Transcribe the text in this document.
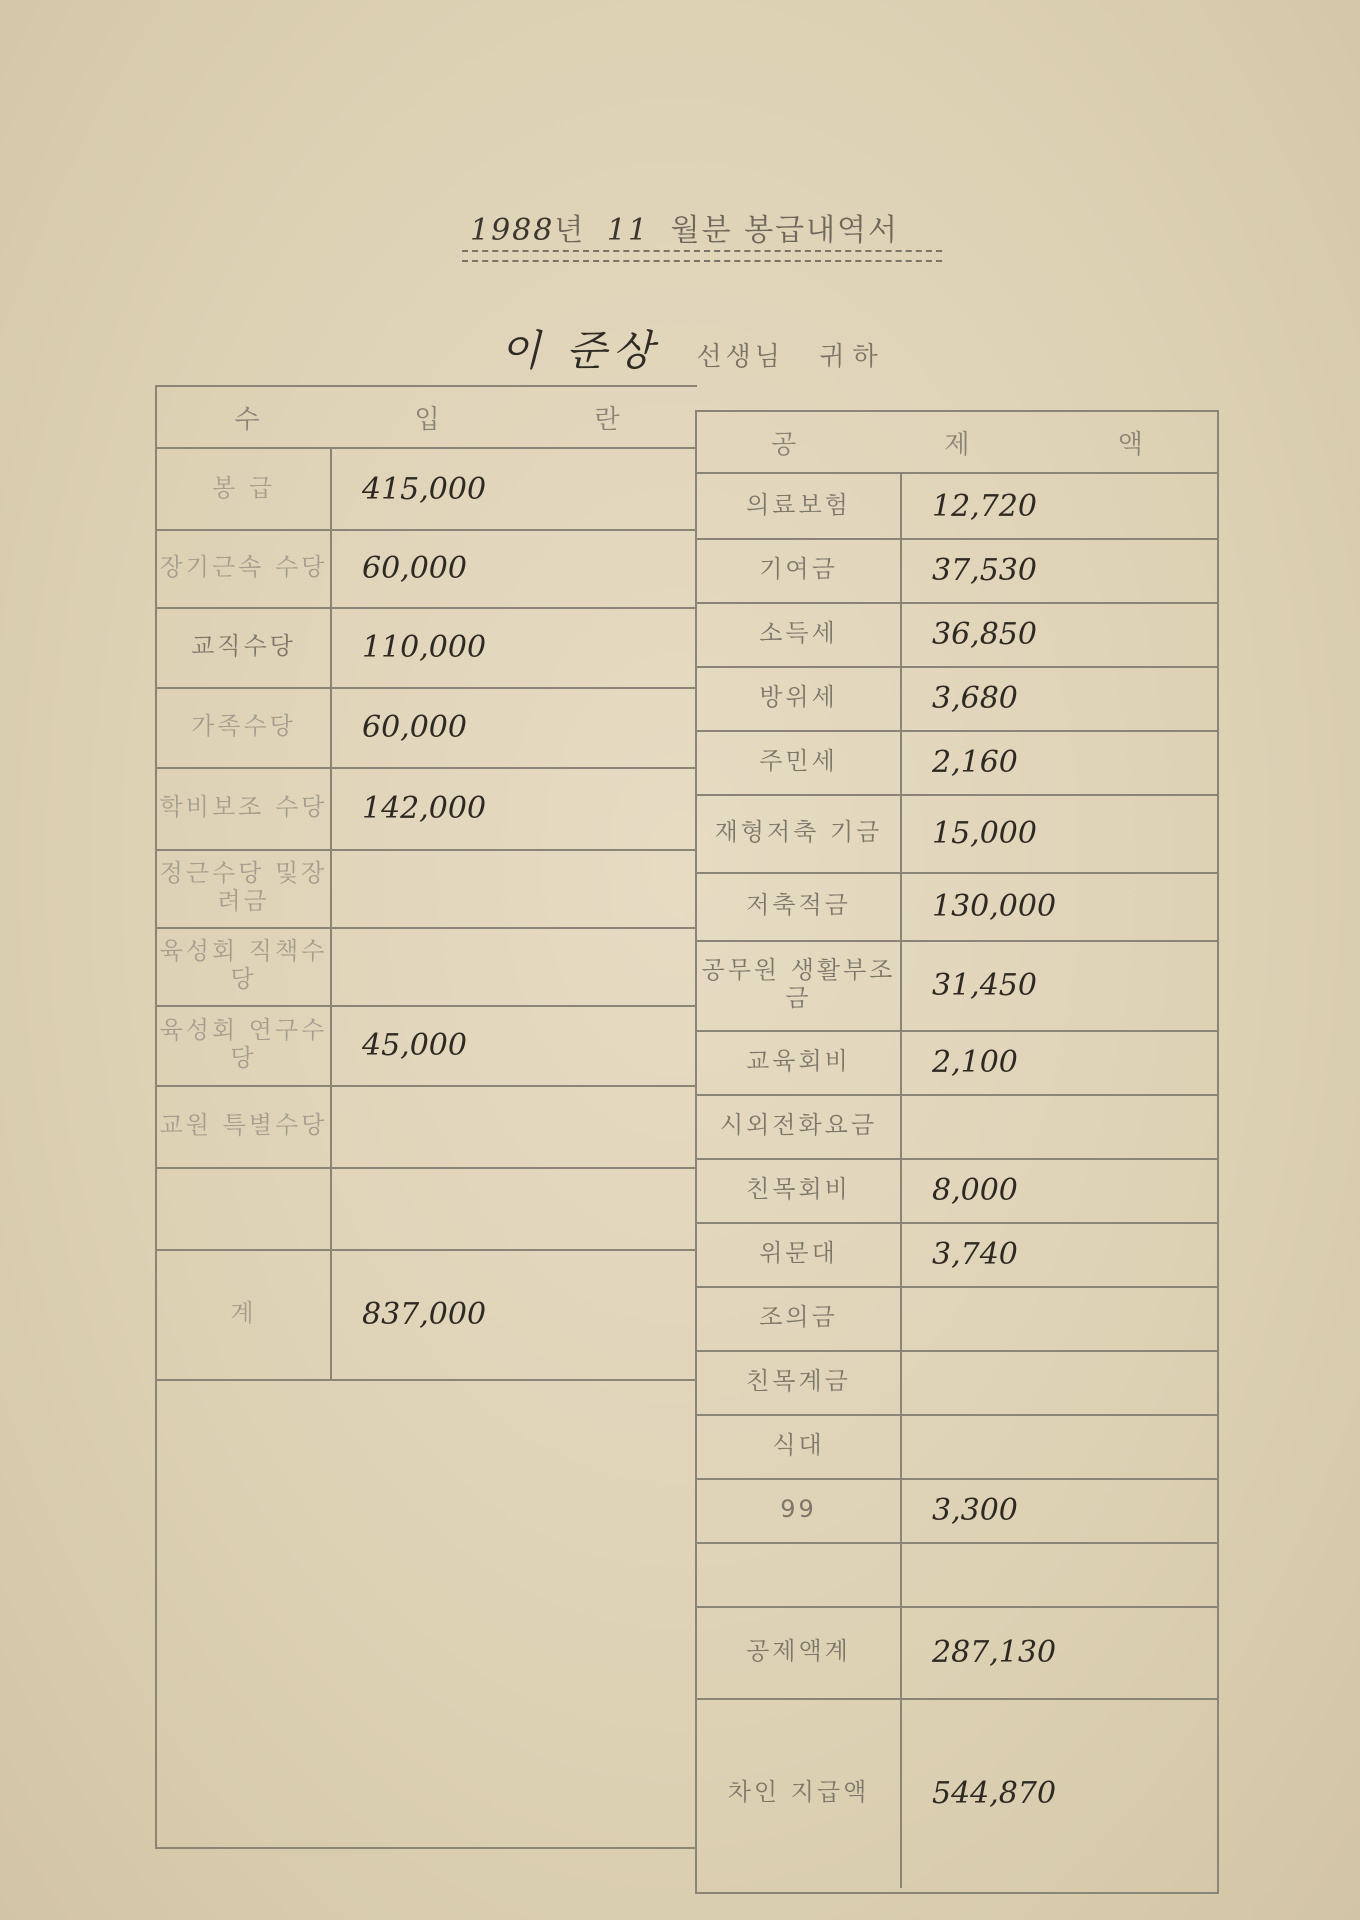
1988년 11 월분 봉급내역서
이 준상 선생님 귀하
수	입	란
봉 급	415,000
장기근속 수당	60,000
교직수당	110,000
가족수당	60,000
학비보조 수당	142,000
정근수당 및장려금
육성회 직책수당
육성회 연구수당	45,000
교원 특별수당
계	837,000
공	제	액
의료보험	12,720
기여금	37,530
소득세	36,850
방위세	3,680
주민세	2,160
재형저축 기금	15,000
저축적금	130,000
공무원 생활부조금	31,450
교육회비	2,100
시외전화요금
친목회비	8,000
위문대	3,740
조의금
친목계금
식대
99	3,300
공제액계	287,130
차인 지급액	544,870
